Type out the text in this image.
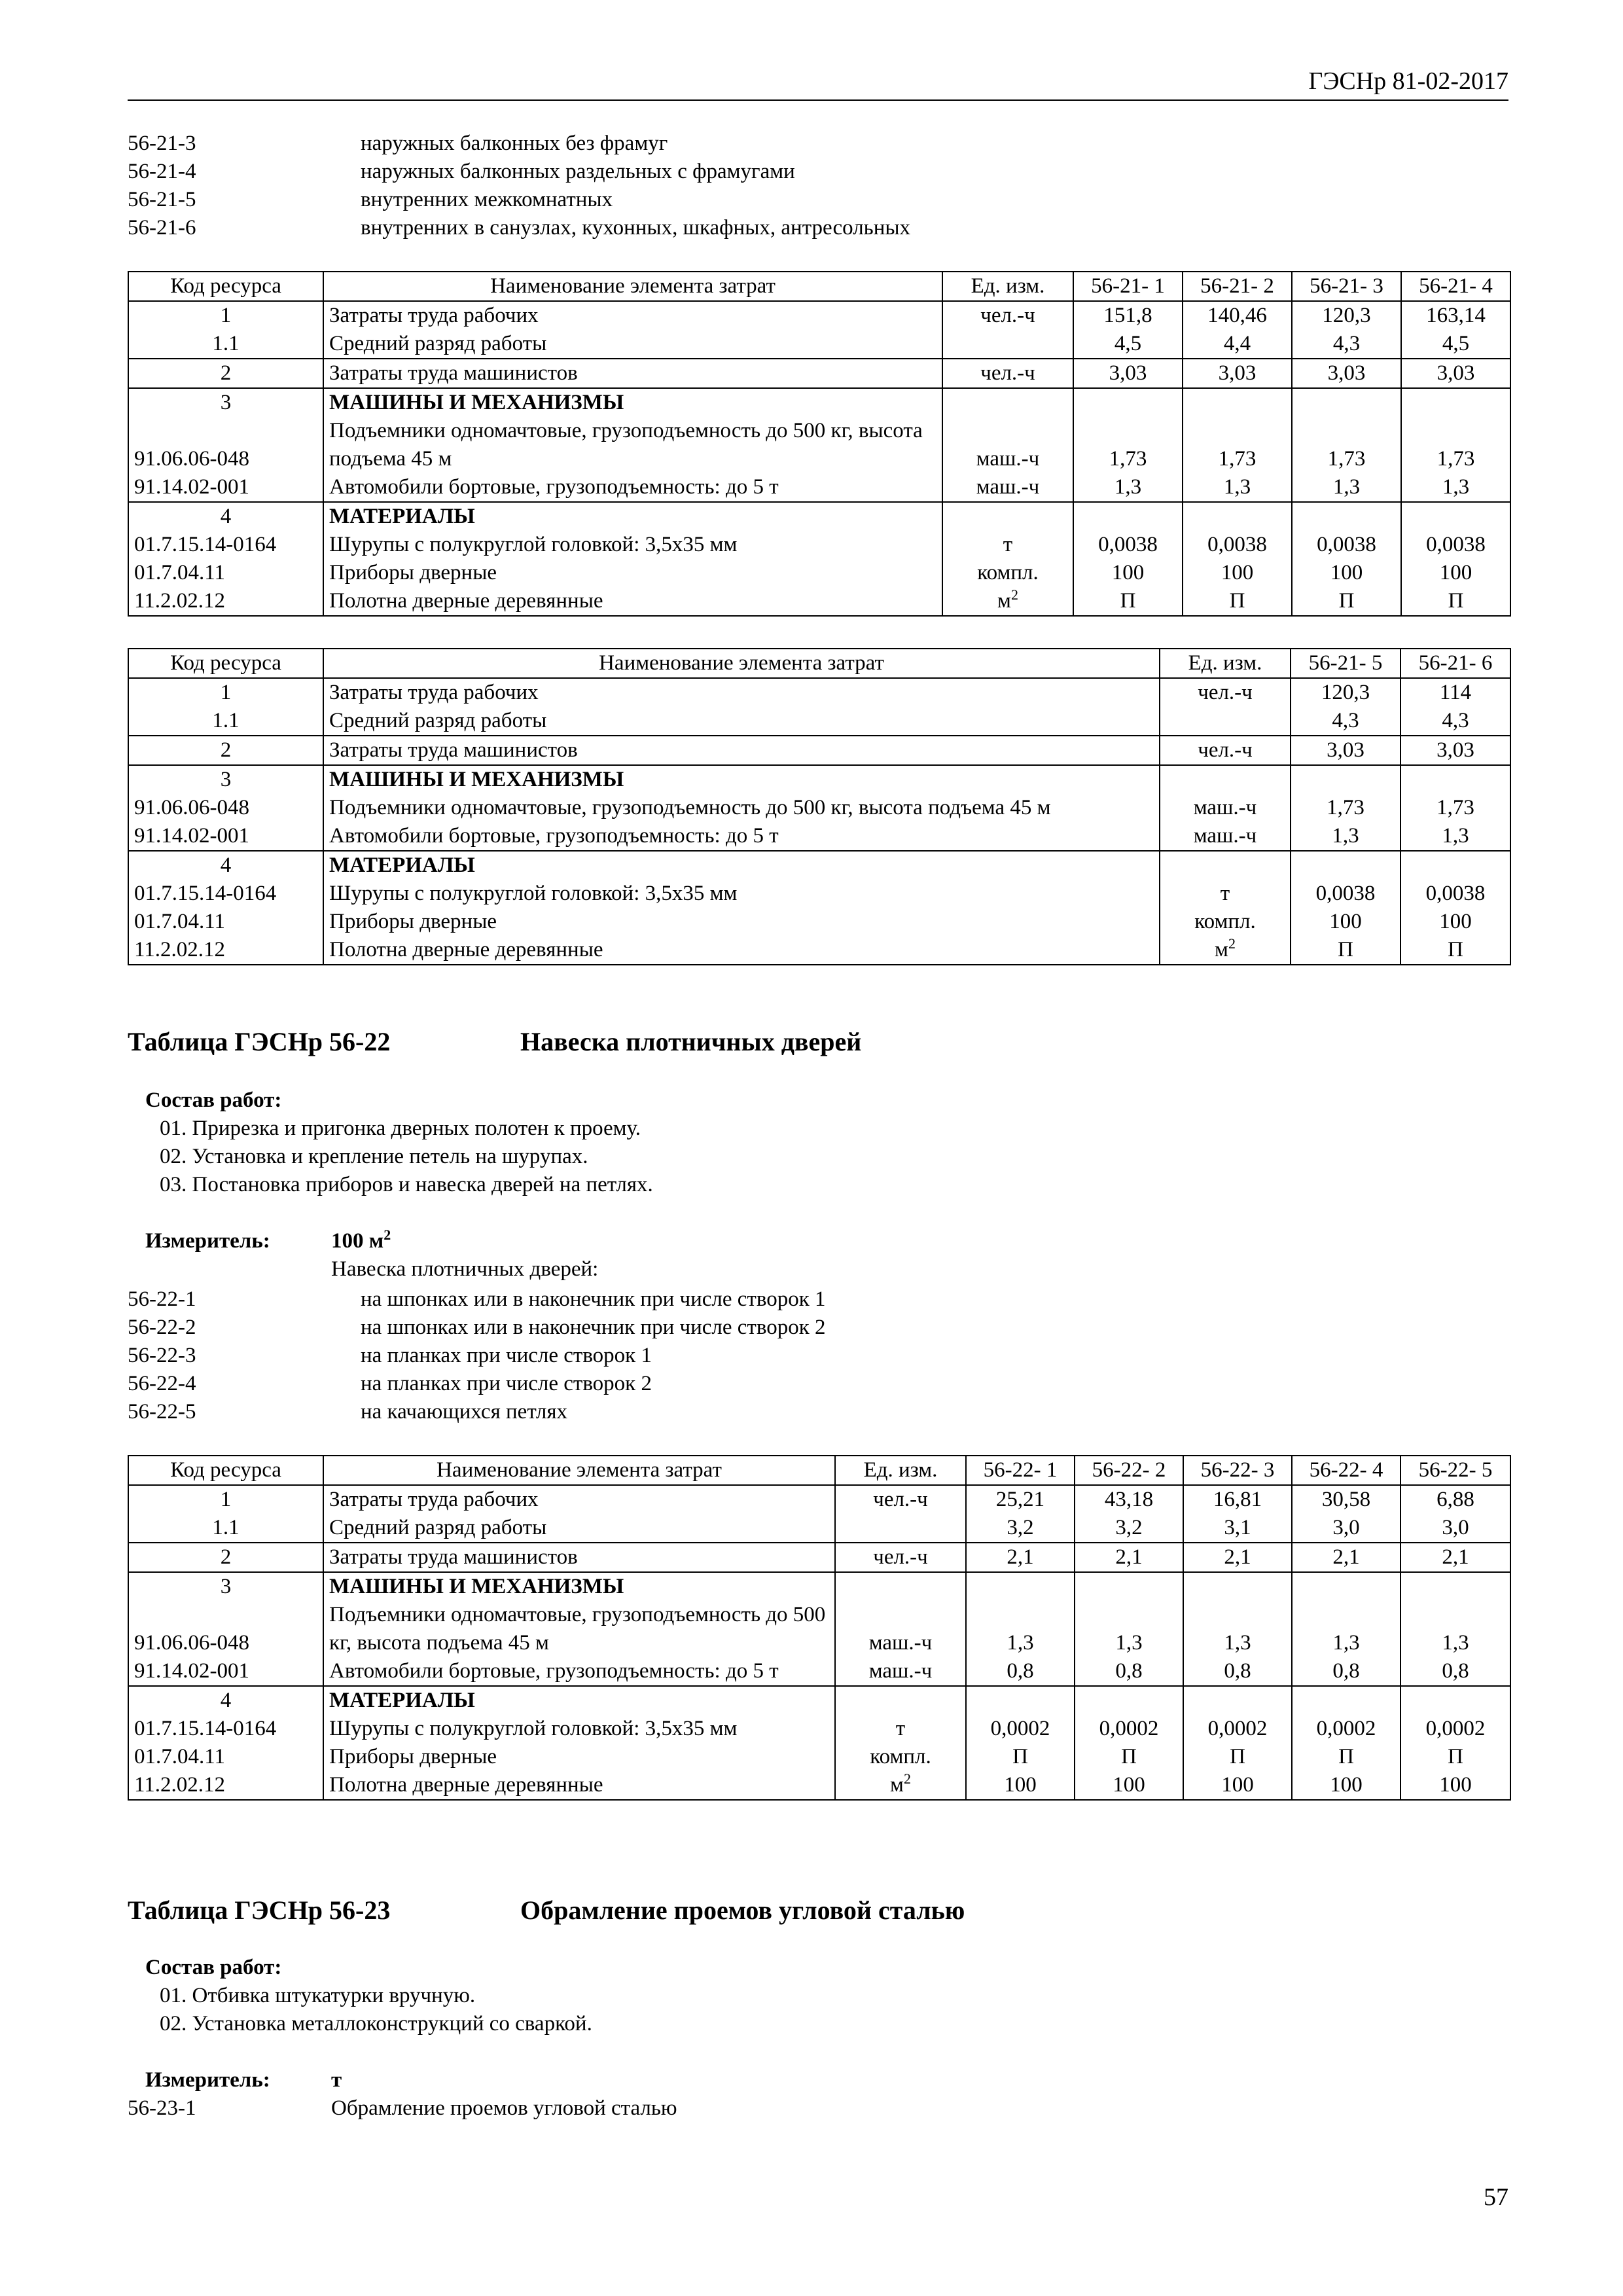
ГЭСНр 81-02-2017
56-21-3	наружных балконных без фрамуг
56-21-4	наружных балконных раздельных с фрамугами
56-21-5	внутренних межкомнатных
56-21-6	внутренних в санузлах, кухонных, шкафных, антресольных
Код ресурса	Наименование элемента затрат	Ед. изм.	56-21- 1	56-21- 2	56-21- 3	56-21- 4
1	Затраты труда рабочих	чел.-ч	151,8	140,46	120,3	163,14
1.1	Средний разряд работы		4,5	4,4	4,3	4,5
2	Затраты труда машинистов	чел.-ч	3,03	3,03	3,03	3,03
3	МАШИНЫ И МЕХАНИЗМЫ					
91.06.06-048	Подъемники одномачтовые, грузоподъемность до 500 кг, высота подъема 45 м	маш.-ч	1,73	1,73	1,73	1,73
91.14.02-001	Автомобили бортовые, грузоподъемность: до 5 т	маш.-ч	1,3	1,3	1,3	1,3
4	МАТЕРИАЛЫ					
01.7.15.14-0164	Шурупы с полукруглой головкой: 3,5х35 мм	т	0,0038	0,0038	0,0038	0,0038
01.7.04.11	Приборы дверные	компл.	100	100	100	100
11.2.02.12	Полотна дверные деревянные	$м^2$	П	П	П	П
Код ресурса	Наименование элемента затрат	Ед. изм.	56-21- 5	56-21- 6
1	Затраты труда рабочих	чел.-ч	120,3	114
1.1	Средний разряд работы		4,3	4,3
2	Затраты труда машинистов	чел.-ч	3,03	3,03
3	МАШИНЫ И МЕХАНИЗМЫ			
91.06.06-048	Подъемники одномачтовые, грузоподъемность до 500 кг, высота подъема 45 м	маш.-ч	1,73	1,73
91.14.02-001	Автомобили бортовые, грузоподъемность: до 5 т	маш.-ч	1,3	1,3
4	МАТЕРИАЛЫ			
01.7.15.14-0164	Шурупы с полукруглой головкой: 3,5х35 мм	т	0,0038	0,0038
01.7.04.11	Приборы дверные	компл.	100	100
11.2.02.12	Полотна дверные деревянные	$м^2$	П	П
Таблица ГЭСНр 56-22	Навеска плотничных дверей
Состав работ:
01. Прирезка и пригонка дверных полотен к проему.
02. Установка и крепление петель на шурупах.
03. Постановка приборов и навеска дверей на петлях.
Измеритель:	100 $м^2$
Навеска плотничных дверей:
56-22-1	на шпонках или в наконечник при числе створок 1
56-22-2	на шпонках или в наконечник при числе створок 2
56-22-3	на планках при числе створок 1
56-22-4	на планках при числе створок 2
56-22-5	на качающихся петлях
Код ресурса	Наименование элемента затрат	Ед. изм.	56-22- 1	56-22- 2	56-22- 3	56-22- 4	56-22- 5
1	Затраты труда рабочих	чел.-ч	25,21	43,18	16,81	30,58	6,88
1.1	Средний разряд работы		3,2	3,2	3,1	3,0	3,0
2	Затраты труда машинистов	чел.-ч	2,1	2,1	2,1	2,1	2,1
3	МАШИНЫ И МЕХАНИЗМЫ						
91.06.06-048	Подъемники одномачтовые, грузоподъемность до 500 кг, высота подъема 45 м	маш.-ч	1,3	1,3	1,3	1,3	1,3
91.14.02-001	Автомобили бортовые, грузоподъемность: до 5 т	маш.-ч	0,8	0,8	0,8	0,8	0,8
4	МАТЕРИАЛЫ						
01.7.15.14-0164	Шурупы с полукруглой головкой: 3,5х35 мм	т	0,0002	0,0002	0,0002	0,0002	0,0002
01.7.04.11	Приборы дверные	компл.	П	П	П	П	П
11.2.02.12	Полотна дверные деревянные	$м^2$	100	100	100	100	100
Таблица ГЭСНр 56-23	Обрамление проемов угловой сталью
Состав работ:
01. Отбивка штукатурки вручную.
02. Установка металлоконструкций со сваркой.
Измеритель:	т
56-23-1	Обрамление проемов угловой сталью
57
